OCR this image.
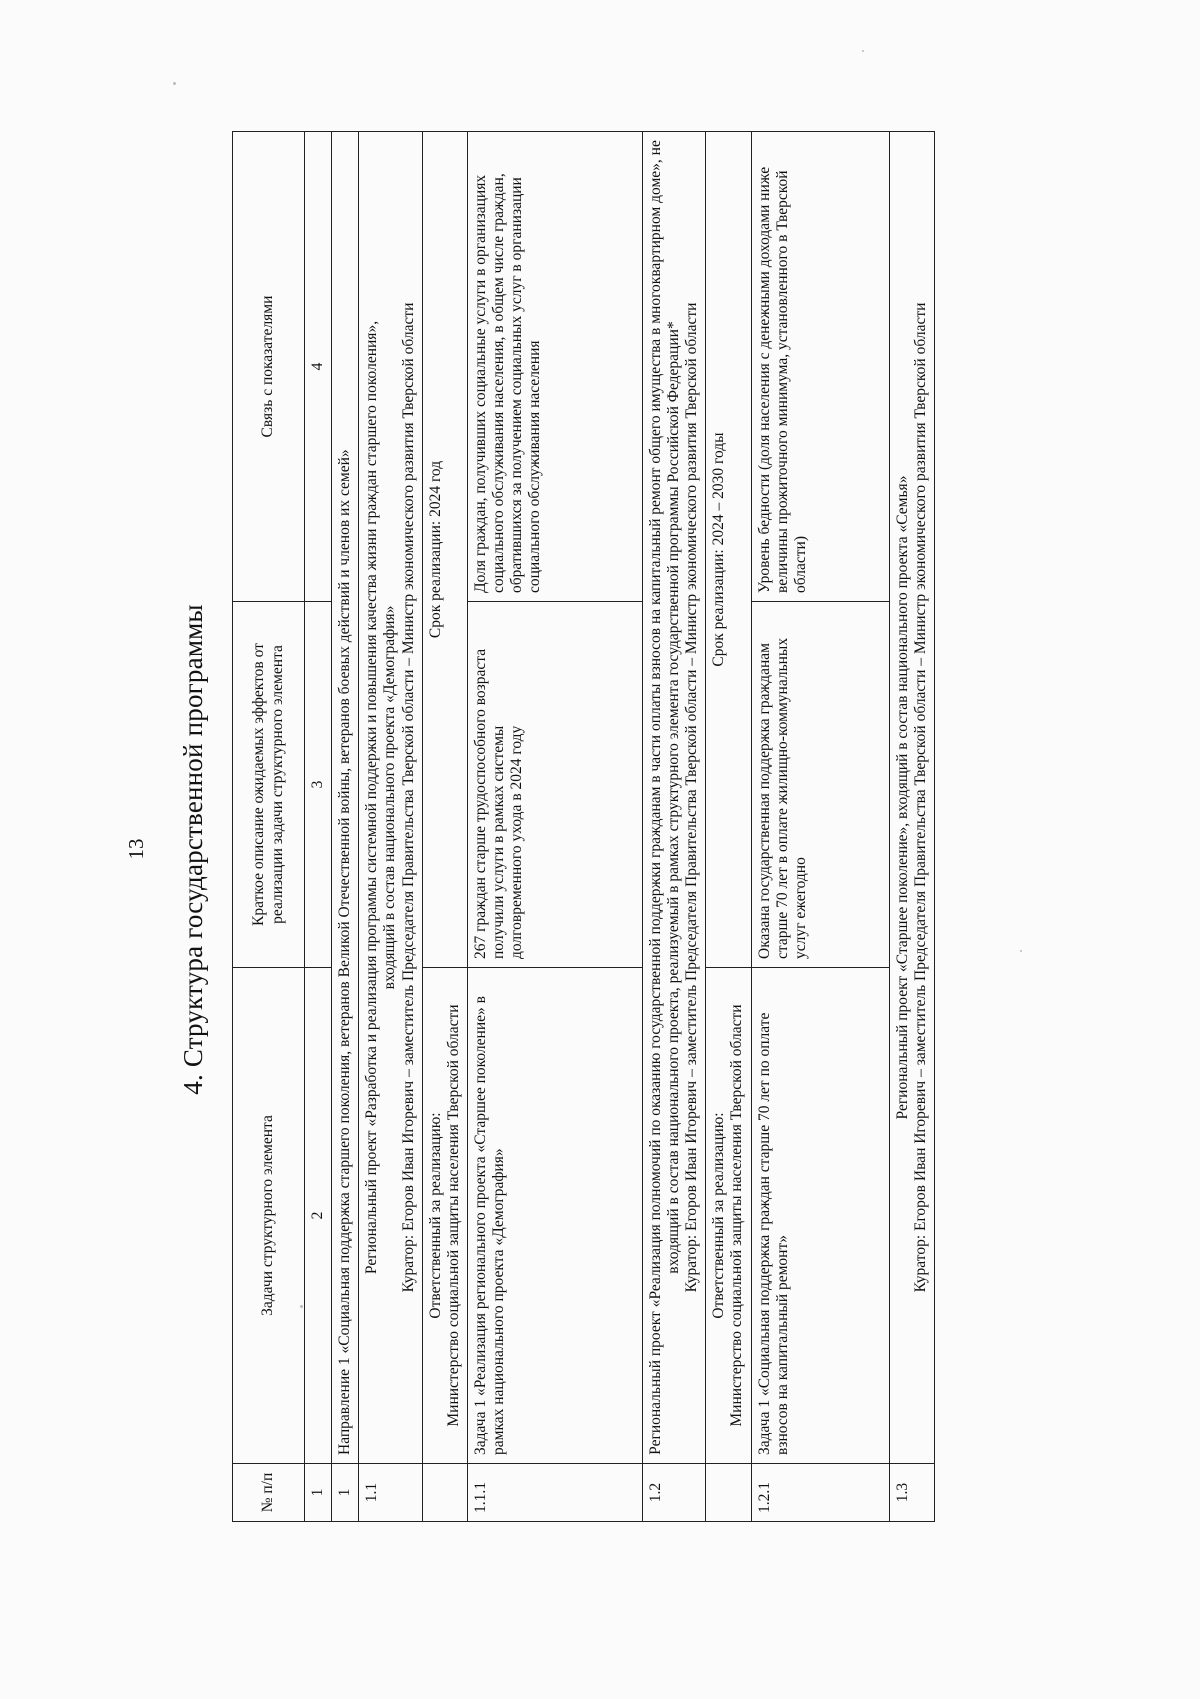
13 4. Структура государственной программы
№ п/п	Задачи структурного элемента	Краткое описание ожидаемых эффектов от реализации задачи структурного элемента	Связь с показателями
1	2	3	4
1	Направление 1 «Социальная поддержка старшего поколения, ветеранов Великой Отечественной войны, ветеранов боевых действий и членов их семей»		
1.1	Региональный проект «Разработка и реализация программы системной поддержки и повышения качества жизни граждан старшего поколения», входящий в состав национального проекта «Демография» Куратор: Егоров Иван Игоревич – заместитель Председателя Правительства Тверской области – Министр экономического развития Тверской области		

	Ответственный за реализацию: Министерство социальной защиты населения Тверской области	Срок реализации: 2024 год	
1.1.1	Задача 1 «Реализация регионального проекта «Старшее поколение» в рамках национального проекта «Демография»	267 граждан старше трудоспособного возраста получили услуги в рамках системы долговременного ухода в 2024 году	Доля граждан, получивших социальные услуги в организациях социального обслуживания населения, в общем числе граждан, обратившихся за получением социальных услуг в организации социального обслуживания населения
1.2	Региональный проект «Реализация полномочий по оказанию государственной поддержки гражданам в части оплаты взносов на капитальный ремонт общего имущества в многоквартирном доме», не входящий в состав национального проекта, реализуемый в рамках структурного элемента государственной программы Российской Федерации* Куратор: Егоров Иван Игоревич – заместитель Председателя Правительства Тверской области – Министр экономического развития Тверской области		

	Ответственный за реализацию: Министерство социальной защиты населения Тверской области	Срок реализации: 2024 – 2030 годы	
1.2.1	Задача 1 «Социальная поддержка граждан старше 70 лет по оплате взносов на капитальный ремонт»	Оказана государственная поддержка гражданам старше 70 лет в оплате жилищно-коммунальных услуг ежегодно	Уровень бедности (доля населения с денежными доходами ниже величины прожиточного минимума, установленного в Тверской области)
1.3	Региональный проект «Старшее поколение», входящий в состав национального проекта «Семья» Куратор: Егоров Иван Игоревич – заместитель Председателя Правительства Тверской области – Министр экономического развития Тверской области		
